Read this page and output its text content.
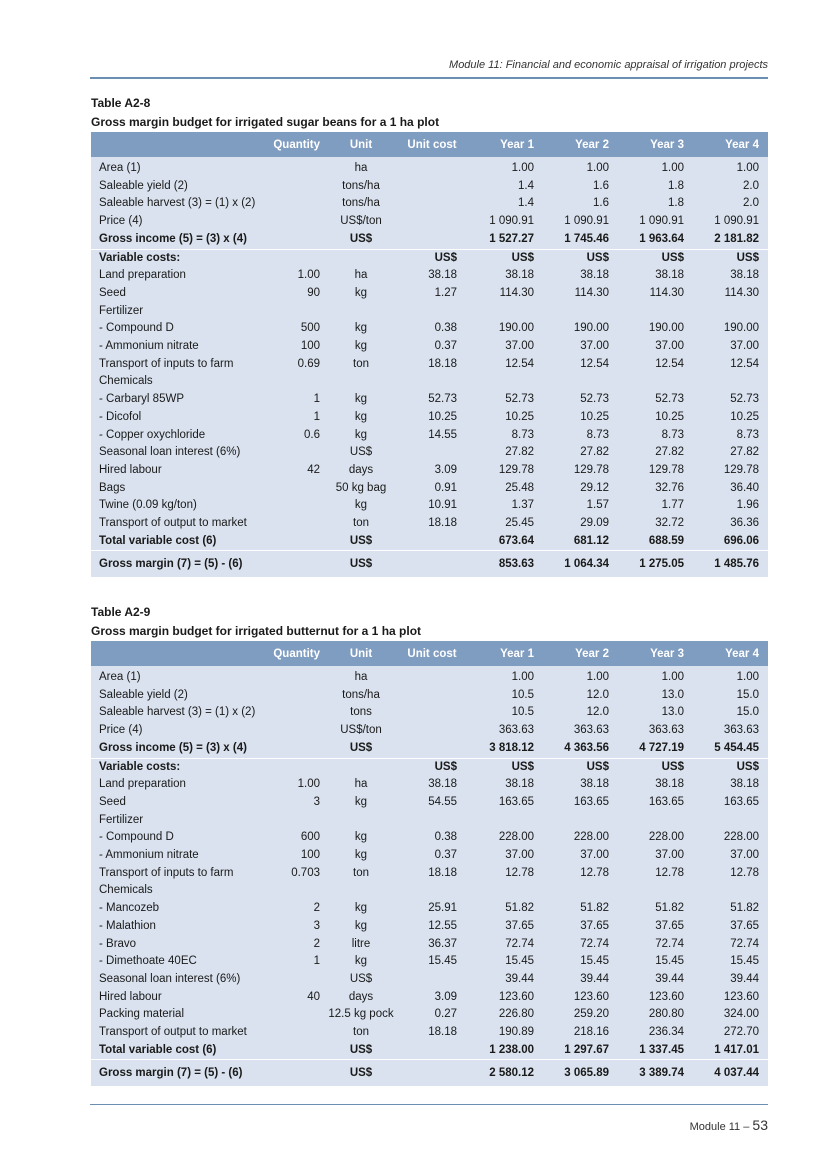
Module 11: Financial and economic appraisal of irrigation projects
Table A2-8
Gross margin budget for irrigated sugar beans for a 1 ha plot
	Quantity	Unit	Unit cost	Year 1	Year 2	Year 3	Year 4
Area (1)		ha		1.00	1.00	1.00	1.00
Saleable yield (2)		tons/ha		1.4	1.6	1.8	2.0
Saleable harvest (3) = (1) x (2)		tons/ha		1.4	1.6	1.8	2.0
Price (4)		US$/ton		1 090.91	1 090.91	1 090.91	1 090.91
Gross income (5) = (3) x (4)		US$		1 527.27	1 745.46	1 963.64	2 181.82
Variable costs:			US$	US$	US$	US$	US$
Land preparation	1.00	ha	38.18	38.18	38.18	38.18	38.18
Seed	90	kg	1.27	114.30	114.30	114.30	114.30
Fertilizer							
- Compound D	500	kg	0.38	190.00	190.00	190.00	190.00
- Ammonium nitrate	100	kg	0.37	37.00	37.00	37.00	37.00
Transport of inputs to farm	0.69	ton	18.18	12.54	12.54	12.54	12.54
Chemicals							
- Carbaryl 85WP	1	kg	52.73	52.73	52.73	52.73	52.73
- Dicofol	1	kg	10.25	10.25	10.25	10.25	10.25
- Copper oxychloride	0.6	kg	14.55	8.73	8.73	8.73	8.73
Seasonal loan interest (6%)		US$		27.82	27.82	27.82	27.82
Hired labour	42	days	3.09	129.78	129.78	129.78	129.78
Bags		50 kg bag	0.91	25.48	29.12	32.76	36.40
Twine (0.09 kg/ton)		kg	10.91	1.37	1.57	1.77	1.96
Transport of output to market		ton	18.18	25.45	29.09	32.72	36.36
Total variable cost (6)		US$		673.64	681.12	688.59	696.06
Gross margin (7) = (5) - (6)		US$		853.63	1 064.34	1 275.05	1 485.76
Table A2-9
Gross margin budget for irrigated butternut for a 1 ha plot
	Quantity	Unit	Unit cost	Year 1	Year 2	Year 3	Year 4
Area (1)		ha		1.00	1.00	1.00	1.00
Saleable yield (2)		tons/ha		10.5	12.0	13.0	15.0
Saleable harvest (3) = (1) x (2)		tons		10.5	12.0	13.0	15.0
Price (4)		US$/ton		363.63	363.63	363.63	363.63
Gross income (5) = (3) x (4)		US$		3 818.12	4 363.56	4 727.19	5 454.45
Variable costs:			US$	US$	US$	US$	US$
Land preparation	1.00	ha	38.18	38.18	38.18	38.18	38.18
Seed	3	kg	54.55	163.65	163.65	163.65	163.65
Fertilizer							
- Compound D	600	kg	0.38	228.00	228.00	228.00	228.00
- Ammonium nitrate	100	kg	0.37	37.00	37.00	37.00	37.00
Transport of inputs to farm	0.703	ton	18.18	12.78	12.78	12.78	12.78
Chemicals							
- Mancozeb	2	kg	25.91	51.82	51.82	51.82	51.82
- Malathion	3	kg	12.55	37.65	37.65	37.65	37.65
- Bravo	2	litre	36.37	72.74	72.74	72.74	72.74
- Dimethoate 40EC	1	kg	15.45	15.45	15.45	15.45	15.45
Seasonal loan interest (6%)		US$		39.44	39.44	39.44	39.44
Hired labour	40	days	3.09	123.60	123.60	123.60	123.60
Packing material		12.5 kg pock	0.27	226.80	259.20	280.80	324.00
Transport of output to market		ton	18.18	190.89	218.16	236.34	272.70
Total variable cost (6)		US$		1 238.00	1 297.67	1 337.45	1 417.01
Gross margin (7) = (5) - (6)		US$		2 580.12	3 065.89	3 389.74	4 037.44
Module 11 – 53
